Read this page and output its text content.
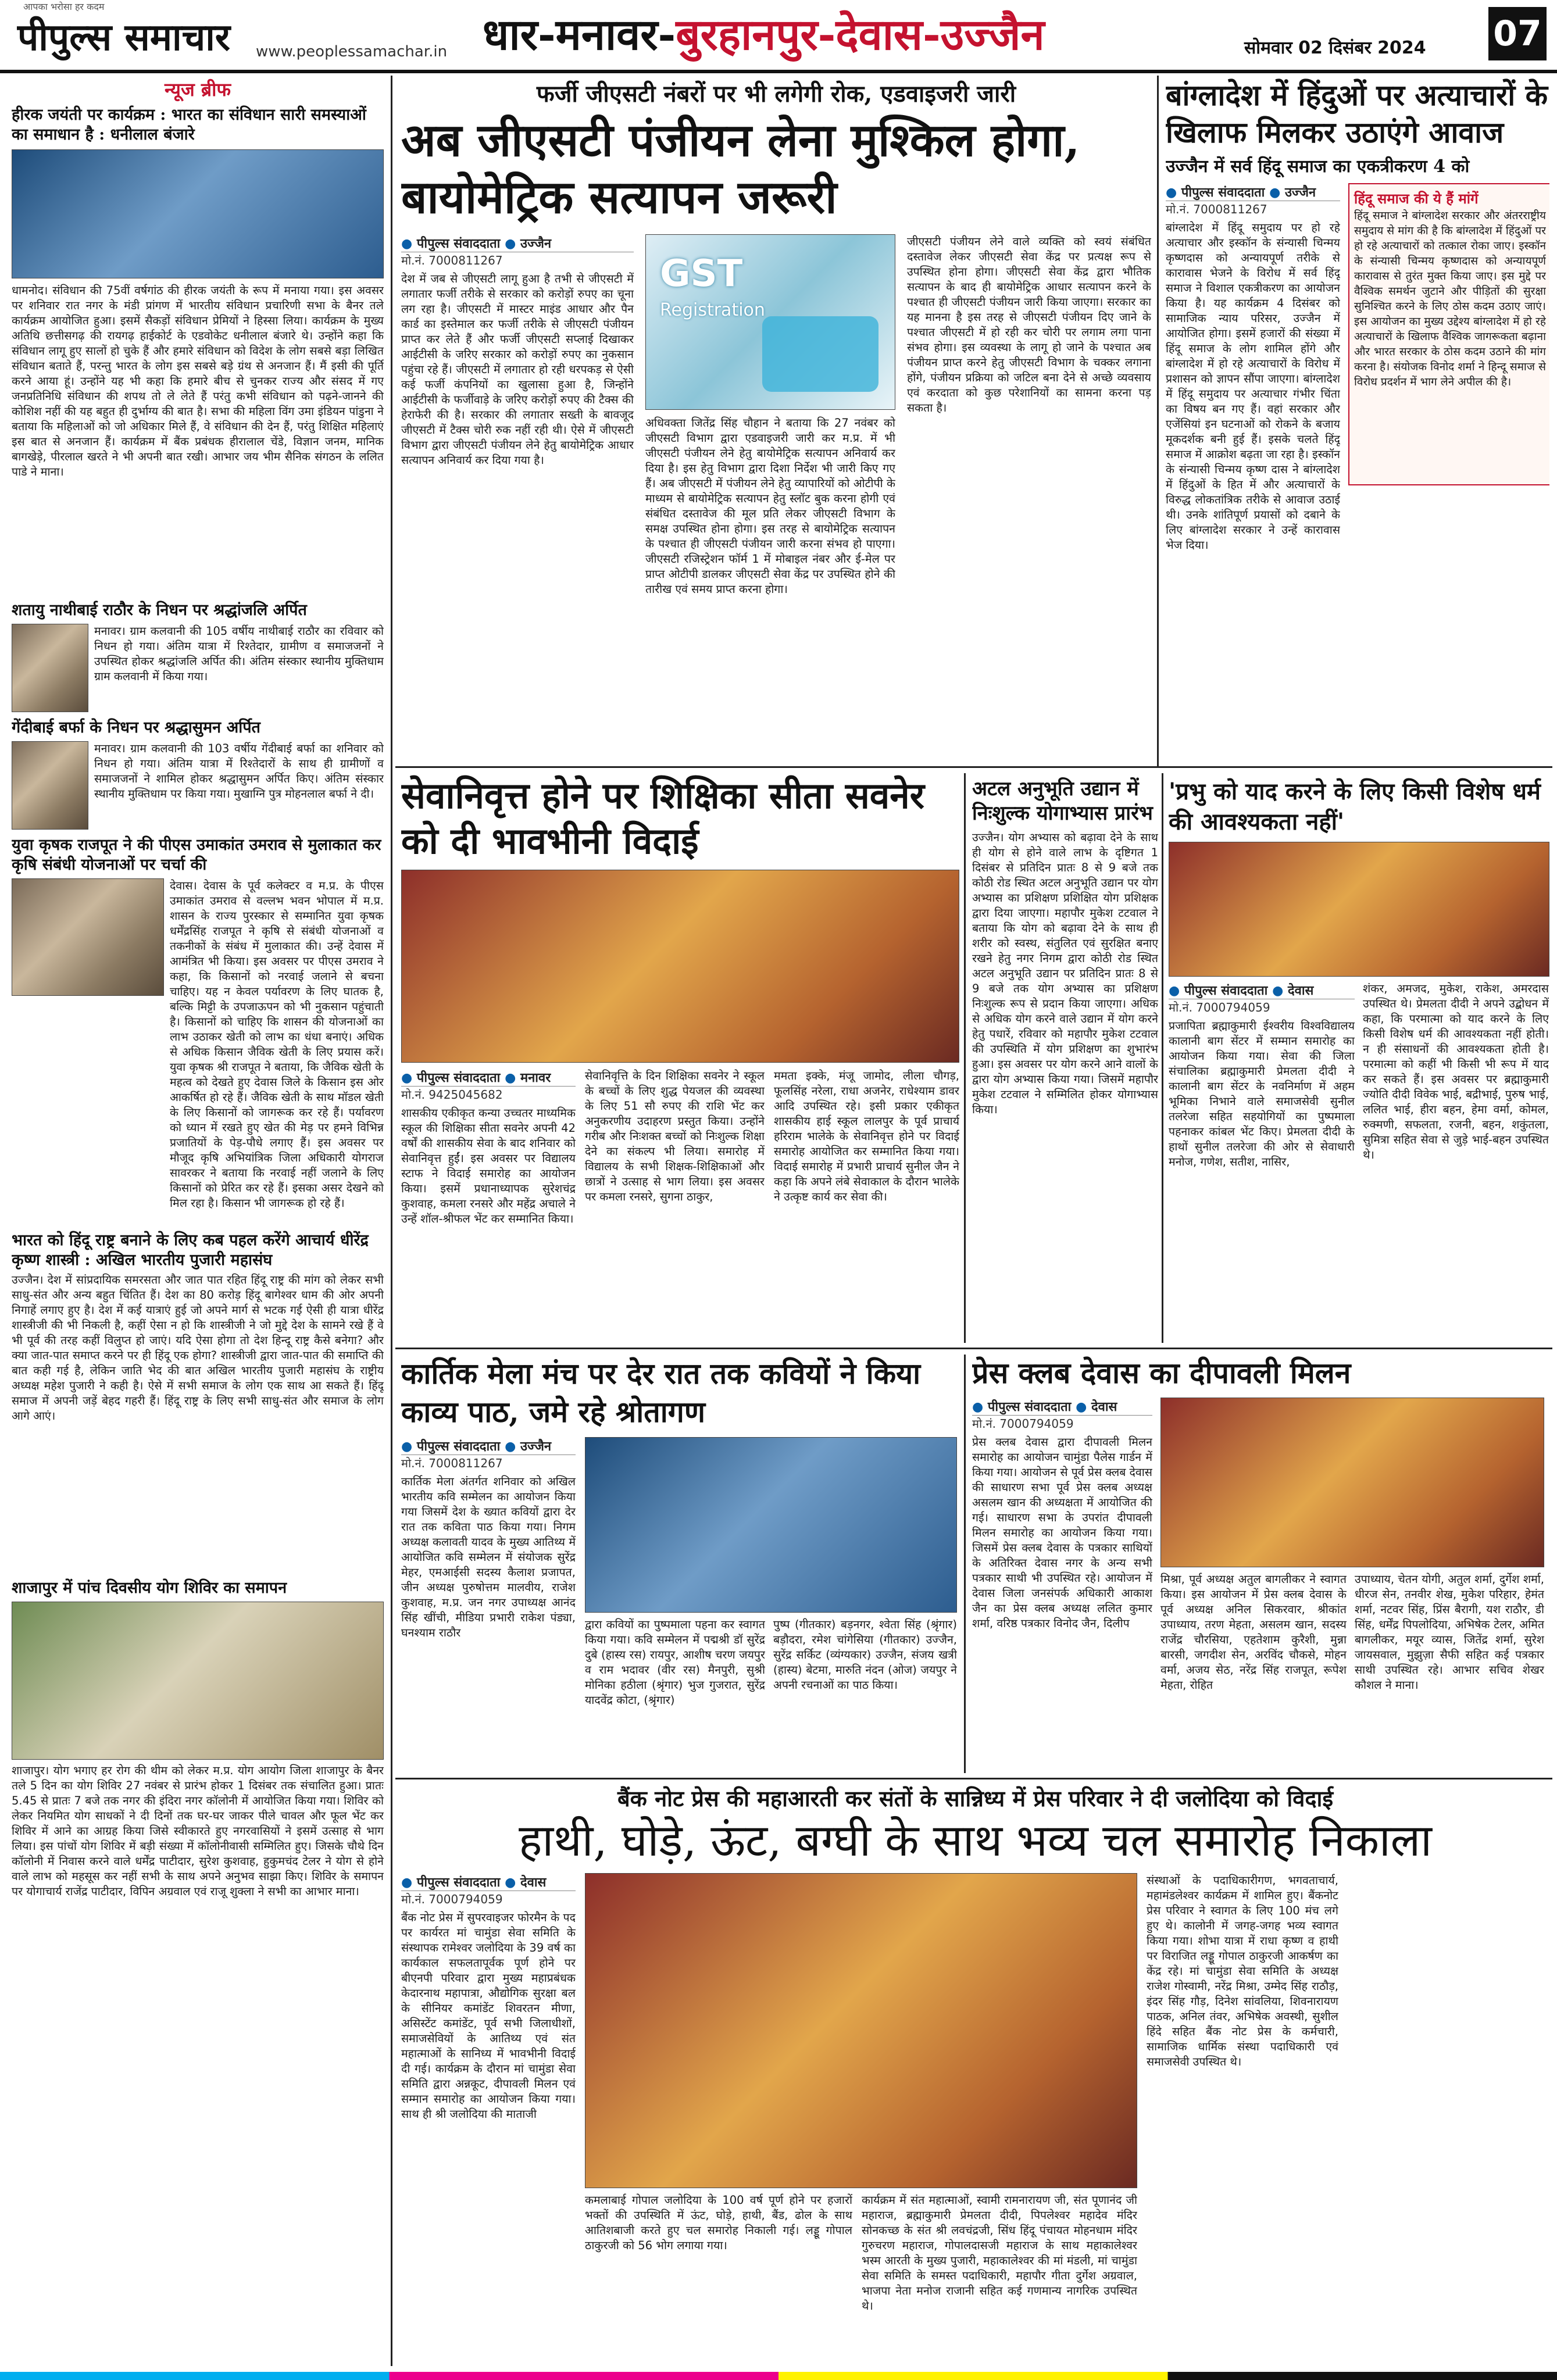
आपका भरोसा हर कदम
पीपुल्स समाचार www.peoplessamachar.in धार-मनावर-बुरहानपुर-देवास-उज्जैन	सोमवार 02 दिसंबर 2024 07
न्यूज ब्रीफ
हीरक जयंती पर कार्यक्रम : भारत का संविधान सारी समस्याओं का समाधान है : धनीलाल बंजारे
धामनोद। संविधान की 75वीं वर्षगांठ की हीरक जयंती के रूप में मनाया गया। इस अवसर पर शनिवार रात नगर के मंडी प्रांगण में भारतीय संविधान प्रचारिणी सभा के बैनर तले कार्यक्रम आयोजित हुआ। इसमें सैकड़ों संविधान प्रेमियों ने हिस्सा लिया। कार्यक्रम के मुख्य अतिथि छत्तीसगढ़ की रायगढ़ हाईकोर्ट के एडवोकेट धनीलाल बंजारे थे। उन्होंने कहा कि संविधान लागू हुए सालों हो चुके हैं और हमारे संविधान को विदेश के लोग सबसे बड़ा लिखित संविधान बताते हैं, परन्तु भारत के लोग इस सबसे बड़े ग्रंथ से अनजान हैं। मैं इसी की पूर्ति करने आया हूं। उन्होंने यह भी कहा कि हमारे बीच से चुनकर राज्य और संसद में गए जनप्रतिनिधि संविधान की शपथ तो ले लेते हैं परंतु कभी संविधान को पढ़ने-जानने की कोशिश नहीं की यह बहुत ही दुर्भाग्य की बात है। सभा की महिला विंग उमा इंडियन पांडुना ने बताया कि महिलाओं को जो अधिकार मिले हैं, वे संविधान की देन हैं, परंतु शिक्षित महिलाएं इस बात से अनजान हैं। कार्यक्रम में बैंक प्रबंधक हीरालाल चेंडे, विज्ञान जनम, मानिक बागखेड़े, पीरलाल खरते ने भी अपनी बात रखी। आभार जय भीम सैनिक संगठन के ललित पाडे ने माना।
शतायु नाथीबाई राठौर के निधन पर श्रद्धांजलि अर्पित
मनावर। ग्राम कलवानी की 105 वर्षीय नाथीबाई राठौर का रविवार को निधन हो गया। अंतिम यात्रा में रिश्तेदार, ग्रामीण व समाजजनों ने उपस्थित होकर श्रद्धांजलि अर्पित की। अंतिम संस्कार स्थानीय मुक्तिधाम ग्राम कलवानी में किया गया।
गेंदीबाई बर्फा के निधन पर श्रद्धासुमन अर्पित
मनावर। ग्राम कलवानी की 103 वर्षीय गेंदीबाई बर्फा का शनिवार को निधन हो गया। अंतिम यात्रा में रिश्तेदारों के साथ ही ग्रामीणों व समाजजनों ने शामिल होकर श्रद्धासुमन अर्पित किए। अंतिम संस्कार स्थानीय मुक्तिधाम पर किया गया। मुखाग्नि पुत्र मोहनलाल बर्फा ने दी।
युवा कृषक राजपूत ने की पीएस उमाकांत उमराव से मुलाकात कर कृषि संबंधी योजनाओं पर चर्चा की
देवास। देवास के पूर्व कलेक्टर व म.प्र. के पीएस उमाकांत उमराव से वल्लभ भवन भोपाल में म.प्र. शासन के राज्य पुरस्कार से सम्मानित युवा कृषक धर्मेंद्रसिंह राजपूत ने कृषि से संबंधी योजनाओं व तकनीकों के संबंध में मुलाकात की। उन्हें देवास में आमंत्रित भी किया। इस अवसर पर पीएस उमराव ने कहा, कि किसानों को नरवाई जलाने से बचना चाहिए। यह न केवल पर्यावरण के लिए घातक है, बल्कि मिट्टी के उपजाऊपन को भी नुकसान पहुंचाती है। किसानों को चाहिए कि शासन की योजनाओं का लाभ उठाकर खेती को लाभ का धंधा बनाएं। अधिक से अधिक किसान जैविक खेती के लिए प्रयास करें। युवा कृषक श्री राजपूत ने बताया, कि जैविक खेती के महत्व को देखते हुए देवास जिले के किसान इस ओर आकर्षित हो रहे हैं। जैविक खेती के साथ मॉडल खेती के लिए किसानों को जागरूक कर रहे हैं। पर्यावरण को ध्यान में रखते हुए खेत की मेड़ पर हमने विभिन्न प्रजातियों के पेड़-पौधे लगाए हैं। इस अवसर पर मौजूद कृषि अभियांत्रिक जिला अधिकारी योगराज सावरकर ने बताया कि नरवाई नहीं जलाने के लिए किसानों को प्रेरित कर रहे हैं। इसका असर देखने को मिल रहा है। किसान भी जागरूक हो रहे हैं।
भारत को हिंदू राष्ट्र बनाने के लिए कब पहल करेंगे आचार्य धीरेंद्र कृष्ण शास्त्री : अखिल भारतीय पुजारी महासंघ
उज्जैन। देश में सांप्रदायिक समरसता और जात पात रहित हिंदू राष्ट्र की मांग को लेकर सभी साधु-संत और अन्य बहुत चिंतित हैं। देश का 80 करोड़ हिंदू बागेश्वर धाम की ओर अपनी निगाहें लगाए हुए है। देश में कई यात्राएं हुई जो अपने मार्ग से भटक गई ऐसी ही यात्रा धीरेंद्र शास्त्रीजी की भी निकली है, कहीं ऐसा न हो कि शास्त्रीजी ने जो मुद्दे देश के सामने रखे हैं वे भी पूर्व की तरह कहीं विलुप्त हो जाएं। यदि ऐसा होगा तो देश हिन्दू राष्ट्र कैसे बनेगा? और क्या जात-पात समाप्त करने पर ही हिंदू एक होगा? शास्त्रीजी द्वारा जात-पात की समाप्ति की बात कही गई है, लेकिन जाति भेद की बात अखिल भारतीय पुजारी महासंघ के राष्ट्रीय अध्यक्ष महेश पुजारी ने कही है। ऐसे में सभी समाज के लोग एक साथ आ सकते हैं। हिंदू समाज में अपनी जड़ें बेहद गहरी हैं। हिंदू राष्ट्र के लिए सभी साधु-संत और समाज के लोग आगे आएं।
शाजापुर में पांच दिवसीय योग शिविर का समापन
शाजापुर। योग भगाए हर रोग की थीम को लेकर म.प्र. योग आयोग जिला शाजापुर के बैनर तले 5 दिन का योग शिविर 27 नवंबर से प्रारंभ होकर 1 दिसंबर तक संचालित हुआ। प्रातः 5.45 से प्रातः 7 बजे तक नगर की इंदिरा नगर कॉलोनी में आयोजित किया गया। शिविर को लेकर नियमित योग साधकों ने दी दिनों तक घर-घर जाकर पीले चावल और फूल भेंट कर शिविर में आने का आग्रह किया जिसे स्वीकारते हुए नगरवासियों ने इसमें उत्साह से भाग लिया। इस पांचों योग शिविर में बड़ी संख्या में कॉलोनीवासी सम्मिलित हुए। जिसके चौथे दिन कॉलोनी में निवास करने वाले धर्मेंद्र पाटीदार, सुरेश कुशवाह, हुकुमचंद टेलर ने योग से होने वाले लाभ को महसूस कर नहीं सभी के साथ अपने अनुभव साझा किए। शिविर के समापन पर योगाचार्य राजेंद्र पाटीदार, विपिन अग्रवाल एवं राजू शुक्ला ने सभी का आभार माना।
फर्जी जीएसटी नंबरों पर भी लगेगी रोक, एडवाइजरी जारी
अब जीएसटी पंजीयन लेना मुश्किल होगा, बायोमेट्रिक सत्यापन जरूरी
● पीपुल्स संवाददाता ● उज्जैन
मो.नं. 7000811267
देश में जब से जीएसटी लागू हुआ है तभी से जीएसटी में लगातार फर्जी तरीके से सरकार को करोड़ों रुपए का चूना लग रहा है। जीएसटी में मास्टर माइंड आधार और पैन कार्ड का इस्तेमाल कर फर्जी तरीके से जीएसटी पंजीयन प्राप्त कर लेते हैं और फर्जी जीएसटी सप्लाई दिखाकर आईटीसी के जरिए सरकार को करोड़ों रुपए का नुकसान पहुंचा रहे हैं। जीएसटी में लगातार हो रही धरपकड़ से ऐसी कई फर्जी कंपनियों का खुलासा हुआ है, जिन्होंने आईटीसी के फर्जीवाड़े के जरिए करोड़ों रुपए की टैक्स की हेराफेरी की है। सरकार की लगातार सख्ती के बावजूद जीएसटी में टैक्स चोरी रुक नहीं रही थी। ऐसे में जीएसटी विभाग द्वारा जीएसटी पंजीयन लेने हेतु बायोमेट्रिक आधार सत्यापन अनिवार्य कर दिया गया है।
GST
Registration
अधिवक्ता जितेंद्र सिंह चौहान ने बताया कि 27 नवंबर को जीएसटी विभाग द्वारा एडवाइजरी जारी कर म.प्र. में भी जीएसटी पंजीयन लेने हेतु बायोमेट्रिक सत्यापन अनिवार्य कर दिया है। इस हेतु विभाग द्वारा दिशा निर्देश भी जारी किए गए हैं। अब जीएसटी में पंजीयन लेने हेतु व्यापारियों को ओटीपी के माध्यम से बायोमेट्रिक सत्यापन हेतु स्लॉट बुक करना होगी एवं संबंधित दस्तावेज की मूल प्रति लेकर जीएसटी विभाग के समक्ष उपस्थित होना होगा। इस तरह से बायोमेट्रिक सत्यापन के पश्चात ही जीएसटी पंजीयन जारी करना संभव हो पाएगा। जीएसटी रजिस्ट्रेशन फॉर्म 1 में मोबाइल नंबर और ई-मेल पर प्राप्त ओटीपी डालकर जीएसटी सेवा केंद्र पर उपस्थित होने की तारीख एवं समय प्राप्त करना होगा।
जीएसटी पंजीयन लेने वाले व्यक्ति को स्वयं संबंधित दस्तावेज लेकर जीएसटी सेवा केंद्र पर प्रत्यक्ष रूप से उपस्थित होना होगा। जीएसटी सेवा केंद्र द्वारा भौतिक सत्यापन के बाद ही बायोमेट्रिक आधार सत्यापन करने के पश्चात ही जीएसटी पंजीयन जारी किया जाएगा। सरकार का यह मानना है इस तरह से जीएसटी पंजीयन दिए जाने के पश्चात जीएसटी में हो रही कर चोरी पर लगाम लगा पाना संभव होगा। इस व्यवस्था के लागू हो जाने के पश्चात अब पंजीयन प्राप्त करने हेतु जीएसटी विभाग के चक्कर लगाना होंगे, पंजीयन प्रक्रिया को जटिल बना देने से अच्छे व्यवसाय एवं करदाता को कुछ परेशानियों का सामना करना पड़ सकता है।
बांग्लादेश में हिंदुओं पर अत्याचारों के खिलाफ मिलकर उठाएंगे आवाज
उज्जैन में सर्व हिंदू समाज का एकत्रीकरण 4 को
● पीपुल्स संवाददाता ● उज्जैन
मो.नं. 7000811267
बांग्लादेश में हिंदू समुदाय पर हो रहे अत्याचार और इस्कॉन के संन्यासी चिन्मय कृष्णदास को अन्यायपूर्ण तरीके से कारावास भेजने के विरोध में सर्व हिंदू समाज ने विशाल एकत्रीकरण का आयोजन किया है। यह कार्यक्रम 4 दिसंबर को सामाजिक न्याय परिसर, उज्जैन में आयोजित होगा। इसमें हजारों की संख्या में हिंदू समाज के लोग शामिल होंगे और बांग्लादेश में हो रहे अत्याचारों के विरोध में प्रशासन को ज्ञापन सौंपा जाएगा। बांग्लादेश में हिंदू समुदाय पर अत्याचार गंभीर चिंता का विषय बन गए हैं। वहां सरकार और एजेंसियां इन घटनाओं को रोकने के बजाय मूकदर्शक बनी हुई हैं। इसके चलते हिंदू समाज में आक्रोश बढ़ता जा रहा है। इस्कॉन के संन्यासी चिन्मय कृष्ण दास ने बांग्लादेश में हिंदुओं के हित में और अत्याचारों के विरुद्ध लोकतांत्रिक तरीके से आवाज उठाई थी। उनके शांतिपूर्ण प्रयासों को दबाने के लिए बांग्लादेश सरकार ने उन्हें कारावास भेज दिया।
हिंदू समाज की ये हैं मांगें
हिंदू समाज ने बांग्लादेश सरकार और अंतरराष्ट्रीय समुदाय से मांग की है कि बांग्लादेश में हिंदुओं पर हो रहे अत्याचारों को तत्काल रोका जाए। इस्कॉन के संन्यासी चिन्मय कृष्णदास को अन्यायपूर्ण कारावास से तुरंत मुक्त किया जाए। इस मुद्दे पर वैश्विक समर्थन जुटाने और पीड़ितों की सुरक्षा सुनिश्चित करने के लिए ठोस कदम उठाए जाएं। इस आयोजन का मुख्य उद्देश्य बांग्लादेश में हो रहे अत्याचारों के खिलाफ वैश्विक जागरूकता बढ़ाना और भारत सरकार के ठोस कदम उठाने की मांग करना है। संयोजक विनोद शर्मा ने हिन्दू समाज से विरोध प्रदर्शन में भाग लेने अपील की है।
सेवानिवृत्त होने पर शिक्षिका सीता सवनेर को दी भावभीनी विदाई
● पीपुल्स संवाददाता ● मनावर
मो.नं. 9425045682
शासकीय एकीकृत कन्या उच्चतर माध्यमिक स्कूल की शिक्षिका सीता सवनेर अपनी 42 वर्षों की शासकीय सेवा के बाद शनिवार को सेवानिवृत्त हुईं। इस अवसर पर विद्यालय स्टाफ ने विदाई समारोह का आयोजन किया। इसमें प्रधानाध्यापक सुरेशचंद्र कुशवाह, कमला रनसरे और महेंद्र अचाले ने उन्हें शॉल-श्रीफल भेंट कर सम्मानित किया।
सेवानिवृत्ति के दिन शिक्षिका सवनेर ने स्कूल के बच्चों के लिए शुद्ध पेयजल की व्यवस्था के लिए 51 सौ रुपए की राशि भेंट कर अनुकरणीय उदाहरण प्रस्तुत किया। उन्होंने गरीब और निःशक्त बच्चों को निःशुल्क शिक्षा देने का संकल्प भी लिया। समारोह में विद्यालय के सभी शिक्षक-शिक्षिकाओं और छात्रों ने उत्साह से भाग लिया। इस अवसर पर कमला रनसरे, सुगना ठाकुर,
ममता इक्के, मंजू जामोद, लीला चौगड़, फूलसिंह नरेला, राधा अजनेर, राधेश्याम डावर आदि उपस्थित रहे। इसी प्रकार एकीकृत शासकीय हाई स्कूल लालपुर के पूर्व प्राचार्य हरिराम भालेके के सेवानिवृत्त होने पर विदाई समारोह आयोजित कर सम्मानित किया गया। विदाई समारोह में प्रभारी प्राचार्य सुनील जैन ने कहा कि अपने लंबे सेवाकाल के दौरान भालेके ने उत्कृष्ट कार्य कर सेवा की।
अटल अनुभूति उद्यान में निःशुल्क योगाभ्यास प्रारंभ
उज्जैन। योग अभ्यास को बढ़ावा देने के साथ ही योग से होने वाले लाभ के दृष्टिगत 1 दिसंबर से प्रतिदिन प्रातः 8 से 9 बजे तक कोठी रोड स्थित अटल अनुभूति उद्यान पर योग अभ्यास का प्रशिक्षण प्रशिक्षित योग प्रशिक्षक द्वारा दिया जाएगा। महापौर मुकेश टटवाल ने बताया कि योग को बढ़ावा देने के साथ ही शरीर को स्वस्थ, संतुलित एवं सुरक्षित बनाए रखने हेतु नगर निगम द्वारा कोठी रोड स्थित अटल अनुभूति उद्यान पर प्रतिदिन प्रातः 8 से 9 बजे तक योग अभ्यास का प्रशिक्षण निःशुल्क रूप से प्रदान किया जाएगा। अधिक से अधिक योग करने वाले उद्यान में योग करने हेतु पधारें, रविवार को महापौर मुकेश टटवाल की उपस्थिति में योग प्रशिक्षण का शुभारंभ हुआ। इस अवसर पर योग करने आने वालों के द्वारा योग अभ्यास किया गया। जिसमें महापौर मुकेश टटवाल ने सम्मिलित होकर योगाभ्यास किया।
'प्रभु को याद करने के लिए किसी विशेष धर्म की आवश्यकता नहीं'
● पीपुल्स संवाददाता ● देवास
मो.नं. 7000794059
प्रजापिता ब्रह्माकुमारी ईश्वरीय विश्वविद्यालय कालानी बाग सेंटर में सम्मान समारोह का आयोजन किया गया। सेवा की जिला संचालिका ब्रह्माकुमारी प्रेमलता दीदी ने कालानी बाग सेंटर के नवनिर्माण में अहम भूमिका निभाने वाले समाजसेवी सुनील तलरेजा सहित सहयोगियों का पुष्पमाला पहनाकर कांबल भेंट किए। प्रेमलता दीदी के हाथों सुनील तलरेजा की ओर से सेवाधारी मनोज, गणेश, सतीश, नासिर,
शंकर, अमजद, मुकेश, राकेश, अमरदास उपस्थित थे। प्रेमलता दीदी ने अपने उद्बोधन में कहा, कि परमात्मा को याद करने के लिए किसी विशेष धर्म की आवश्यकता नहीं होती। न ही संसाधनों की आवश्यकता होती है। परमात्मा को कहीं भी किसी भी रूप में याद कर सकते हैं। इस अवसर पर ब्रह्माकुमारी ज्योति दीदी विवेक भाई, बद्रीभाई, पुरुष भाई, ललित भाई, हीरा बहन, हेमा वर्मा, कोमल, रुक्मणी, सफलता, रजनी, बहन, शकुंतला, सुमित्रा सहित सेवा से जुड़े भाई-बहन उपस्थित थे।
कार्तिक मेला मंच पर देर रात तक कवियों ने किया काव्य पाठ, जमे रहे श्रोतागण
● पीपुल्स संवाददाता ● उज्जैन
मो.नं. 7000811267
कार्तिक मेला अंतर्गत शनिवार को अखिल भारतीय कवि सम्मेलन का आयोजन किया गया जिसमें देश के ख्यात कवियों द्वारा देर रात तक कविता पाठ किया गया। निगम अध्यक्ष कलावती यादव के मुख्य आतिथ्य में आयोजित कवि सम्मेलन में संयोजक सुरेंद्र मेहर, एमआईसी सदस्य कैलाश प्रजापत, जीन अध्यक्ष पुरुषोत्तम मालवीय, राजेश कुशवाह, म.प्र. जन नगर उपाध्यक्ष आनंद सिंह खींची, मीडिया प्रभारी राकेश पंड्या, घनश्याम राठौर
द्वारा कवियों का पुष्पमाला पहना कर स्वागत किया गया। कवि सम्मेलन में पद्मश्री डॉ सुरेंद्र दुबे (हास्य रस) रायपुर, आशीष चरण जयपुर व राम भदावर (वीर रस) मैनपुरी, सुश्री मोनिका हठीला (श्रृंगार) भुज गुजरात, सुरेंद्र यादवेंद्र कोटा, (श्रृंगार)
पुष्प (गीतकार) बड़नगर, श्वेता सिंह (श्रृंगार) बड़ौदरा, रमेश चांगेसिया (गीतकार) उज्जैन, सुरेंद्र सर्किट (व्यंग्यकार) उज्जैन, संजय खत्री (हास्य) बेटमा, मारुति नंदन (ओज) जयपुर ने अपनी रचनाओं का पाठ किया।
प्रेस क्लब देवास का दीपावली मिलन
● पीपुल्स संवाददाता ● देवास
मो.नं. 7000794059
प्रेस क्लब देवास द्वारा दीपावली मिलन समारोह का आयोजन चामुंडा पैलेस गार्डन में किया गया। आयोजन से पूर्व प्रेस क्लब देवास की साधारण सभा पूर्व प्रेस क्लब अध्यक्ष असलम खान की अध्यक्षता में आयोजित की गई। साधारण सभा के उपरांत दीपावली मिलन समारोह का आयोजन किया गया। जिसमें प्रेस क्लब देवास के पत्रकार साथियों के अतिरिक्त देवास नगर के अन्य सभी पत्रकार साथी भी उपस्थित रहे। आयोजन में देवास जिला जनसंपर्क अधिकारी आकाश जैन का प्रेस क्लब अध्यक्ष ललित कुमार शर्मा, वरिष्ठ पत्रकार विनोद जैन, दिलीप
मिश्रा, पूर्व अध्यक्ष अतुल बागलीकर ने स्वागत किया। इस आयोजन में प्रेस क्लब देवास के पूर्व अध्यक्ष अनिल सिकरवार, श्रीकांत उपाध्याय, तरण मेहता, असलम खान, सदस्य राजेंद्र चौरसिया, एहतेशाम कुरैशी, मुन्ना बारसी, जगदीश सेन, अरविंद चौकसे, मोहन वर्मा, अजय सेठ, नरेंद्र सिंह राजपूत, रूपेश मेहता, रोहित
उपाध्याय, चेतन योगी, अतुल शर्मा, दुर्गेश शर्मा, धीरज सेन, तनवीर शेख, मुकेश परिहार, हेमंत शर्मा, नटवर सिंह, प्रिंस बैरागी, यश राठौर, डी सिंह, धर्मेंद्र पिपलोदिया, अभिषेक टेलर, अमित बागलीकर, मयूर व्यास, जितेंद्र शर्मा, सुरेश जायसवाल, मुझुज़ा सैफी सहित कई पत्रकार साथी उपस्थित रहे। आभार सचिव शेखर कौशल ने माना।
बैंक नोट प्रेस की महाआरती कर संतों के सान्निध्य में प्रेस परिवार ने दी जलोदिया को विदाई
हाथी, घोड़े, ऊंट, बग्घी के साथ भव्य चल समारोह निकाला
● पीपुल्स संवाददाता ● देवास
मो.नं. 7000794059
बैंक नोट प्रेस में सुपरवाइजर फोरमैन के पद पर कार्यरत मां चामुंडा सेवा समिति के संस्थापक रामेश्वर जलोदिया के 39 वर्ष का कार्यकाल सफलतापूर्वक पूर्ण होने पर बीएनपी परिवार द्वारा मुख्य महाप्रबंधक केदारनाथ महापात्रा, औद्योगिक सुरक्षा बल के सीनियर कमांडेंट शिवरतन मीणा, असिस्टेंट कमांडेंट, पूर्व सभी जिलाधीशों, समाजसेवियों के आतिथ्य एवं संत महात्माओं के सानिध्य में भावभीनी विदाई दी गई। कार्यक्रम के दौरान मां चामुंडा सेवा समिति द्वारा अन्नकूट, दीपावली मिलन एवं सम्मान समारोह का आयोजन किया गया। साथ ही श्री जलोदिया की माताजी
कमलाबाई गोपाल जलोदिया के 100 वर्ष पूर्ण होने पर हजारों भक्तों की उपस्थिति में ऊंट, घोड़े, हाथी, बैंड, ढोल के साथ आतिशबाजी करते हुए चल समारोह निकाली गई। लड्डू गोपाल ठाकुरजी को 56 भोग लगाया गया।
कार्यक्रम में संत महात्माओं, स्वामी रामनारायण जी, संत पूणानंद जी महाराज, ब्रह्माकुमारी प्रेमलता दीदी, पिपलेश्वर महादेव मंदिर सोनकच्छ के संत श्री लवचंद्रजी, सिंध हिंदू पंचायत मोहनधाम मंदिर गुरुचरण महाराज, गोपालदासजी महाराज के साथ महाकालेश्वर भस्म आरती के मुख्य पुजारी, महाकालेश्वर की मां मंडली, मां चामुंडा सेवा समिति के समस्त पदाधिकारी, महापौर गीता दुर्गेश अग्रवाल, भाजपा नेता मनोज राजानी सहित कई गणमान्य नागरिक उपस्थित थे।
संस्थाओं के पदाधिकारीगण, भगवताचार्य, महामंडलेश्वर कार्यक्रम में शामिल हुए। बैंकनोट प्रेस परिवार ने स्वागत के लिए 100 मंच लगे हुए थे। कालोनी में जगह-जगह भव्य स्वागत किया गया। शोभा यात्रा में राधा कृष्ण व हाथी पर विराजित लड्डू गोपाल ठाकुरजी आकर्षण का केंद्र रहे। मां चामुंडा सेवा समिति के अध्यक्ष राजेश गोस्वामी, नरेंद्र मिश्रा, उम्मेद सिंह राठौड़, इंदर सिंह गौड़, दिनेश सांवलिया, शिवनारायण पाठक, अनिल तंवर, अभिषेक अवस्थी, सुशील हिंदे सहित बैंक नोट प्रेस के कर्मचारी, सामाजिक धार्मिक संस्था पदाधिकारी एवं समाजसेवी उपस्थित थे।
